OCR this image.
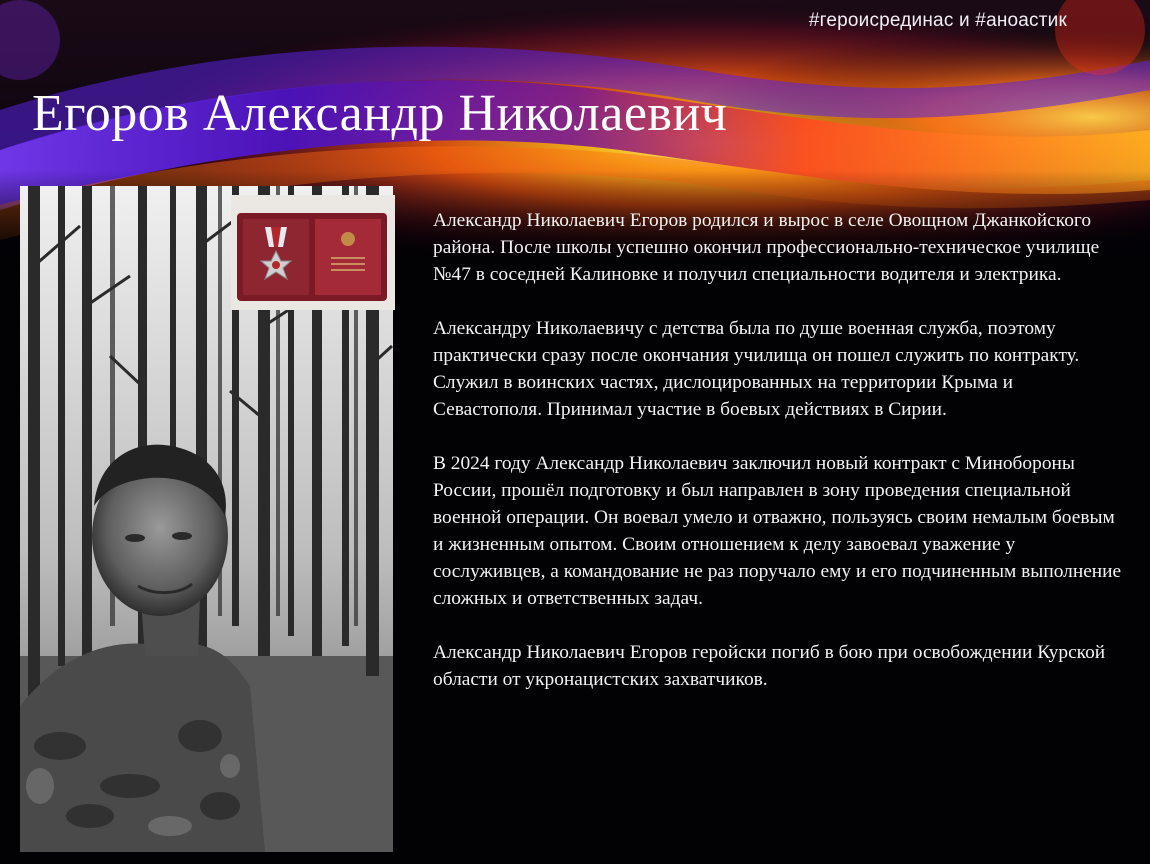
#героисрединас и #аноастик
Егоров Александр Николаевич

Александр Николаевич Егоров родился и вырос в селе Овощном Джанкойского района. После школы успешно окончил профессионально-техническое училище №47 в соседней Калиновке и получил специальности водителя и электрика.

Александру Николаевичу с детства была по душе военная служба, поэтому практически сразу после окончания училища он пошел служить по контракту. Служил в воинских частях, дислоцированных на территории Крыма и Севастополя. Принимал участие в боевых действиях в Сирии.

В 2024 году Александр Николаевич заключил новый контракт с Минобороны России, прошёл подготовку и был направлен в зону проведения специальной военной операции. Он воевал умело и отважно, пользуясь своим немалым боевым и жизненным опытом. Своим отношением к делу завоевал уважение у сослуживцев, а командование не раз поручало ему и его подчиненным выполнение сложных и ответственных задач.

Александр Николаевич Егоров геройски погиб в бою при освобождении Курской области от укронацистских захватчиков.
